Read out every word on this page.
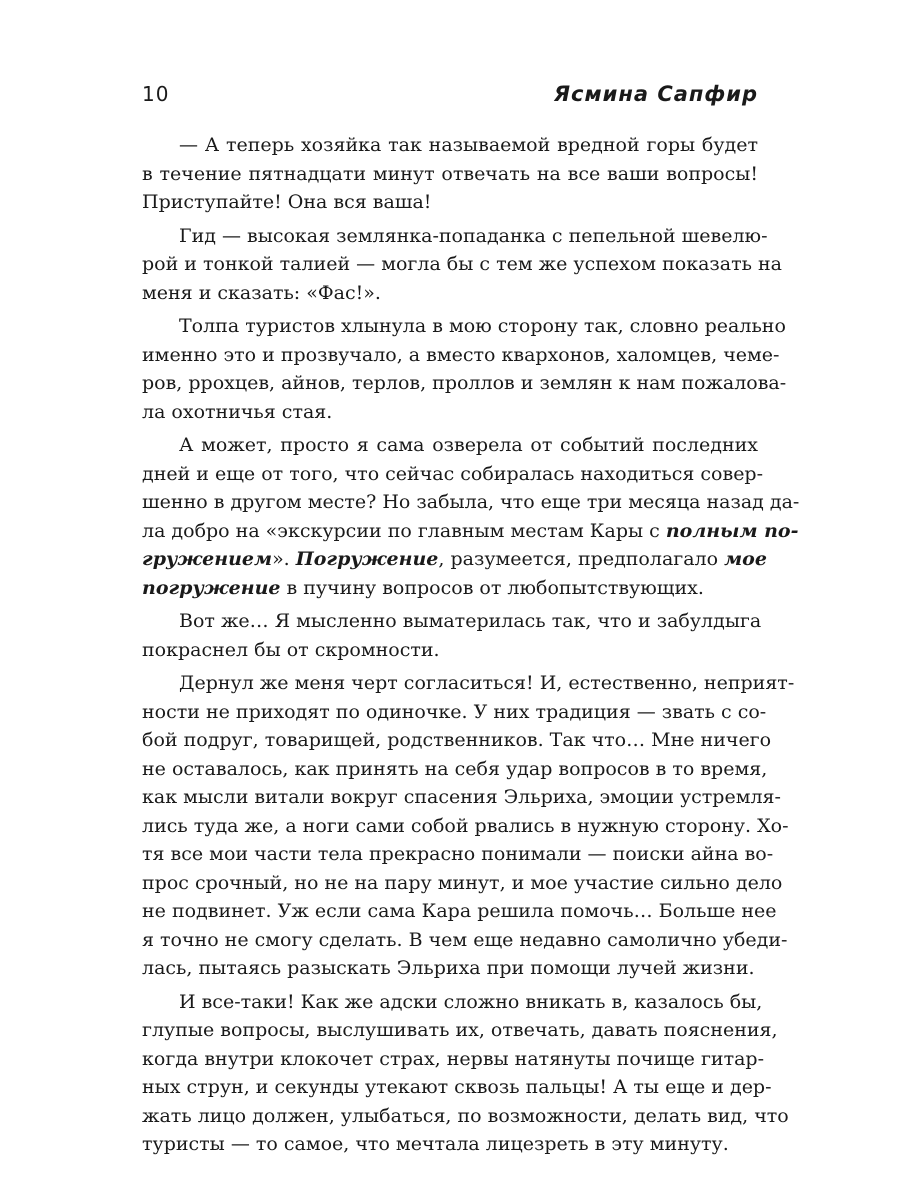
10	Ясмина Сапфир
— А теперь хозяйка так называемой вредной горы будет
в течение пятнадцати минут отвечать на все ваши вопросы!
Приступайте! Она вся ваша!
Гид — высокая землянка-попаданка с пепельной шевелю-
рой и тонкой талией — могла бы с тем же успехом показать на
меня и сказать: «Фас!».
Толпа туристов хлынула в мою сторону так, словно реально
именно это и прозвучало, а вместо квархонов, халомцев, чеме-
ров, ррохцев, айнов, терлов, проллов и землян к нам пожалова-
ла охотничья стая.
А может, просто я сама озверела от событий последних
дней и еще от того, что сейчас собиралась находиться совер-
шенно в другом месте? Но забыла, что еще три месяца назад да-
ла добро на «экскурсии по главным местам Кары с полным по-
гружением». Погружение, разумеется, предполагало мое
погружение в пучину вопросов от любопытствующих.
Вот же… Я мысленно выматерилась так, что и забулдыга
покраснел бы от скромности.
Дернул же меня черт согласиться! И, естественно, неприят-
ности не приходят по одиночке. У них традиция — звать с со-
бой подруг, товарищей, родственников. Так что… Мне ничего
не оставалось, как принять на себя удар вопросов в то время,
как мысли витали вокруг спасения Эльриха, эмоции устремля-
лись туда же, а ноги сами собой рвались в нужную сторону. Хо-
тя все мои части тела прекрасно понимали — поиски айна во-
прос срочный, но не на пару минут, и мое участие сильно дело
не подвинет. Уж если сама Кара решила помочь… Больше нее
я точно не смогу сделать. В чем еще недавно самолично убеди-
лась, пытаясь разыскать Эльриха при помощи лучей жизни.
И все-таки! Как же адски сложно вникать в, казалось бы,
глупые вопросы, выслушивать их, отвечать, давать пояснения,
когда внутри клокочет страх, нервы натянуты почище гитар-
ных струн, и секунды утекают сквозь пальцы! А ты еще и дер-
жать лицо должен, улыбаться, по возможности, делать вид, что
туристы — то самое, что мечтала лицезреть в эту минуту.
